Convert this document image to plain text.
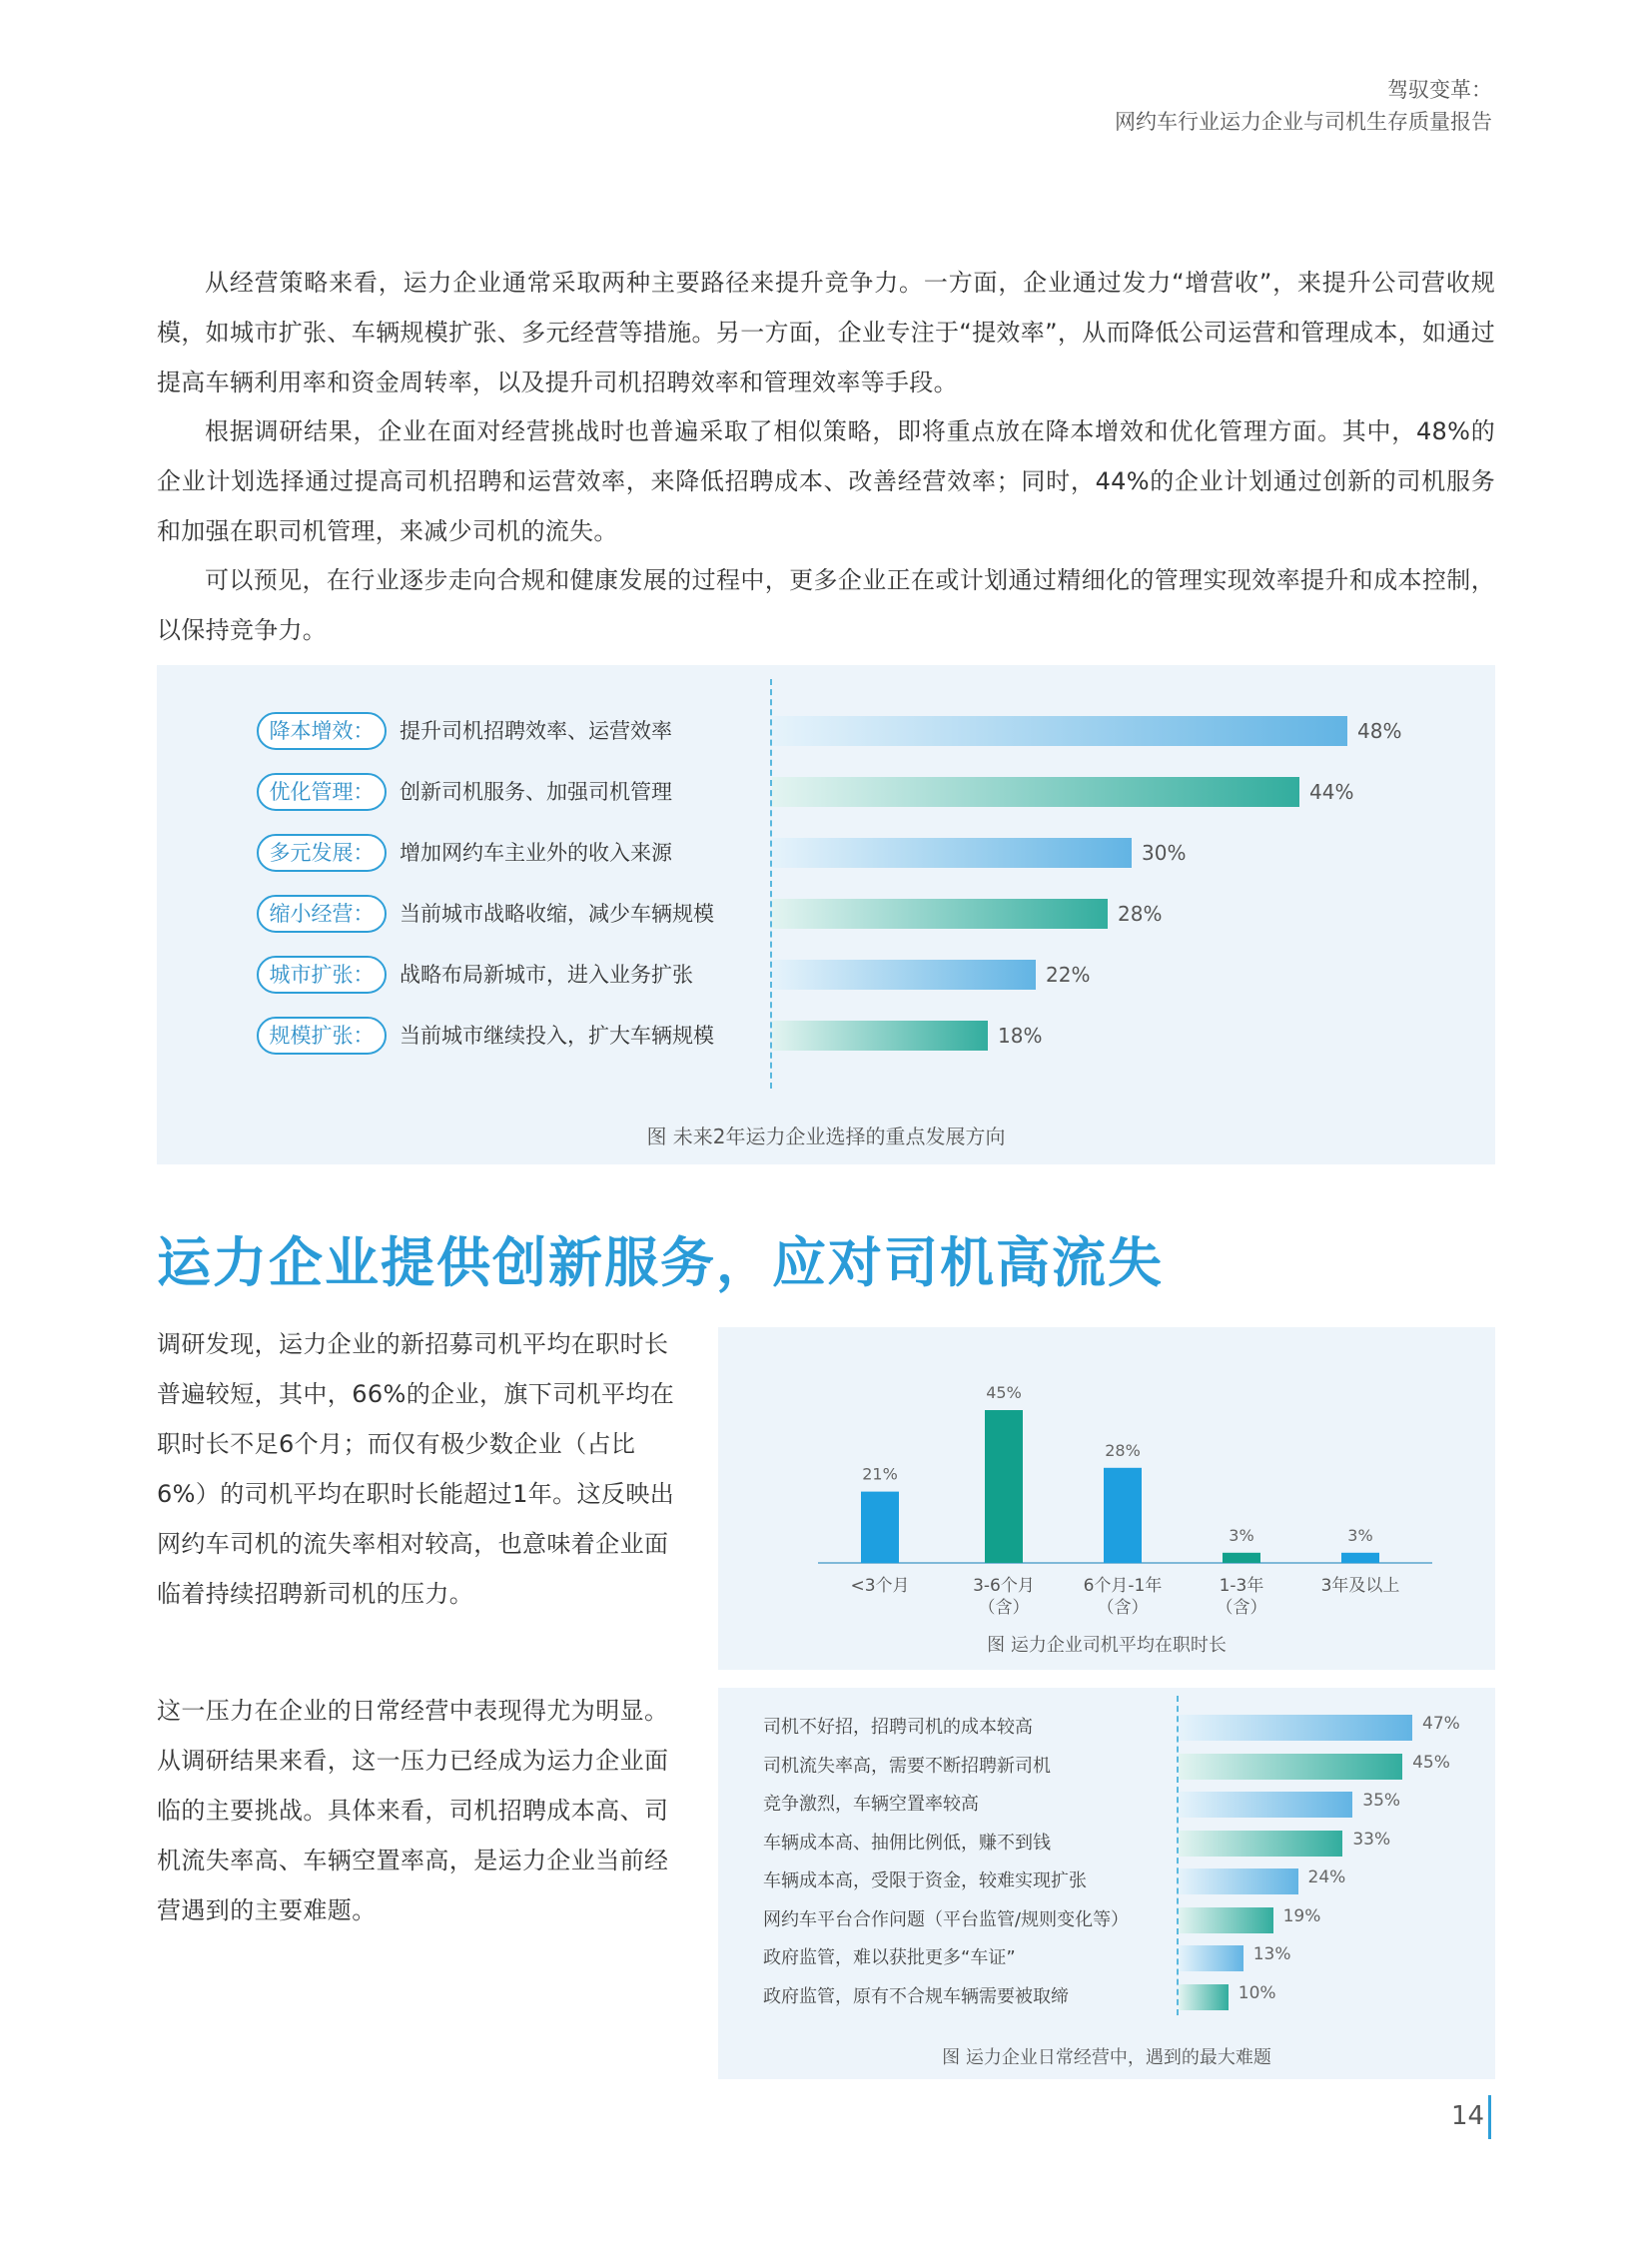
驾驭变革：
网约车行业运力企业与司机生存质量报告

从经营策略来看，运力企业通常采取两种主要路径来提升竞争力。一方面，企业通过发力“增营收”，来提升公司营收规模，如城市扩张、车辆规模扩张、多元经营等措施。另一方面，企业专注于“提效率”，从而降低公司运营和管理成本，如通过提高车辆利用率和资金周转率，以及提升司机招聘效率和管理效率等手段。

根据调研结果，企业在面对经营挑战时也普遍采取了相似策略，即将重点放在降本增效和优化管理方面。其中，48%的企业计划选择通过提高司机招聘和运营效率，来降低招聘成本、改善经营效率；同时，44%的企业计划通过创新的司机服务和加强在职司机管理，来减少司机的流失。

可以预见，在行业逐步走向合规和健康发展的过程中，更多企业正在或计划通过精细化的管理实现效率提升和成本控制，以保持竞争力。

降本增效：	提升司机招聘效率、运营效率	48%
优化管理：	创新司机服务、加强司机管理	44%
多元发展：	增加网约车主业外的收入来源	30%
缩小经营：	当前城市战略收缩，减少车辆规模	28%
城市扩张：	战略布局新城市，进入业务扩张	22%
规模扩张：	当前城市继续投入，扩大车辆规模	18%
图 未来2年运力企业选择的重点发展方向
运力企业提供创新服务，应对司机高流失

调研发现，运力企业的新招募司机平均在职时长普遍较短，其中，66%的企业，旗下司机平均在职时长不足6个月；而仅有极少数企业（占比6%）的司机平均在职时长能超过1年。这反映出网约车司机的流失率相对较高，也意味着企业面临着持续招聘新司机的压力。

这一压力在企业的日常经营中表现得尤为明显。从调研结果来看，这一压力已经成为运力企业面临的主要挑战。具体来看，司机招聘成本高、司机流失率高、车辆空置率高，是运力企业当前经营遇到的主要难题。

21%
<3个月
45%
3-6个月
（含）
28%
6个月-1年
（含）
3%
1-3年
（含）
3%
3年及以上
图 运力企业司机平均在职时长
司机不好招，招聘司机的成本较高	47%
司机流失率高，需要不断招聘新司机	45%
竞争激烈，车辆空置率较高	35%
车辆成本高、抽佣比例低，赚不到钱	33%
车辆成本高，受限于资金，较难实现扩张	24%
网约车平台合作问题（平台监管/规则变化等）	19%
政府监管，难以获批更多“车证”	13%
政府监管，原有不合规车辆需要被取缔	10%
图 运力企业日常经营中，遇到的最大难题
14
